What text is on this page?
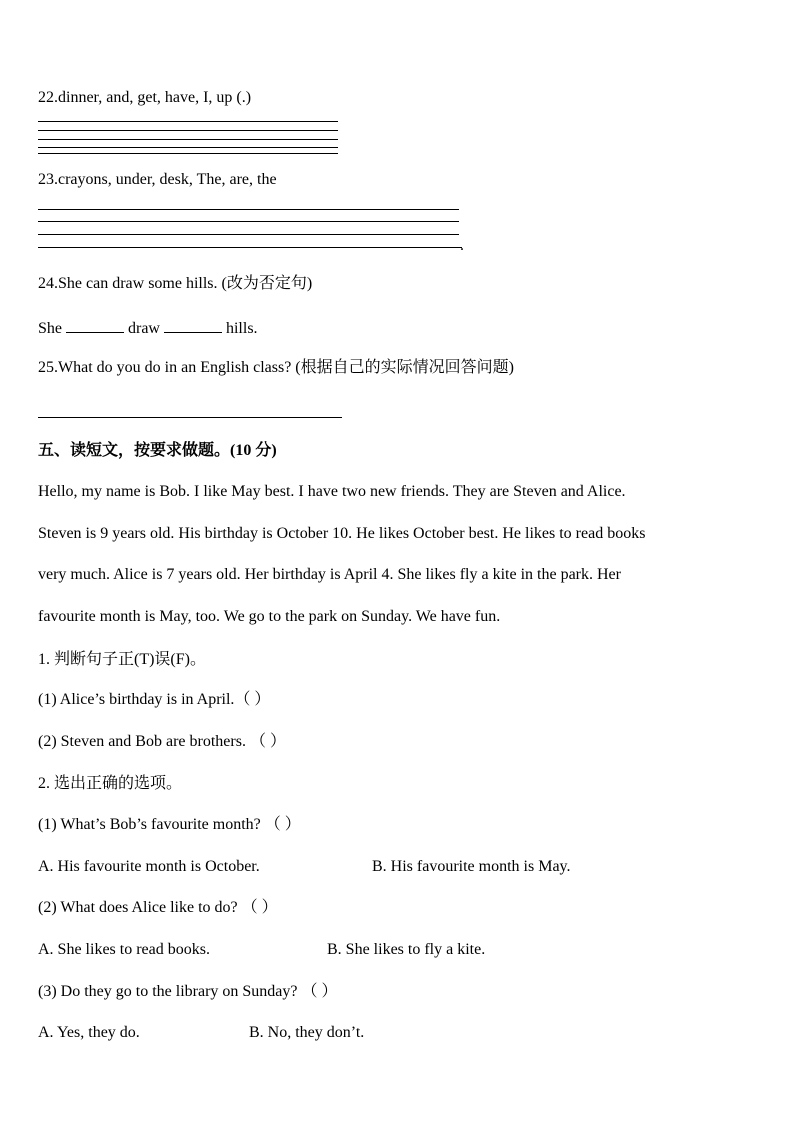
22.dinner, and, get, have, I, up (.)
23.crayons, under, desk, The, are, the
.
24.She can draw some hills. (改为否定句)
She	draw	hills.
25.What do you do in an English class? (根据自己的实际情况回答问题)
五、读短文，按要求做题。(10 分)
Hello, my name is Bob. I like May best. I have two new friends. They are Steven and Alice.
Steven is 9 years old. His birthday is October 10. He likes October best. He likes to read books
very much. Alice is 7 years old. Her birthday is April 4. She likes fly a kite in the park. Her
favourite month is May, too. We go to the park on Sunday. We have fun.
1. 判断句子正(T)误(F)。
(1) Alice’s birthday is in April.（ ）
(2) Steven and Bob are brothers. （ ）
2. 选出正确的选项。
(1) What’s Bob’s favourite month? （ ）
A. His favourite month is October.	B. His favourite month is May.
(2) What does Alice like to do? （ ）
A. She likes to read books.	B. She likes to fly a kite.
(3) Do they go to the library on Sunday? （ ）
A. Yes, they do.	B. No, they don’t.
